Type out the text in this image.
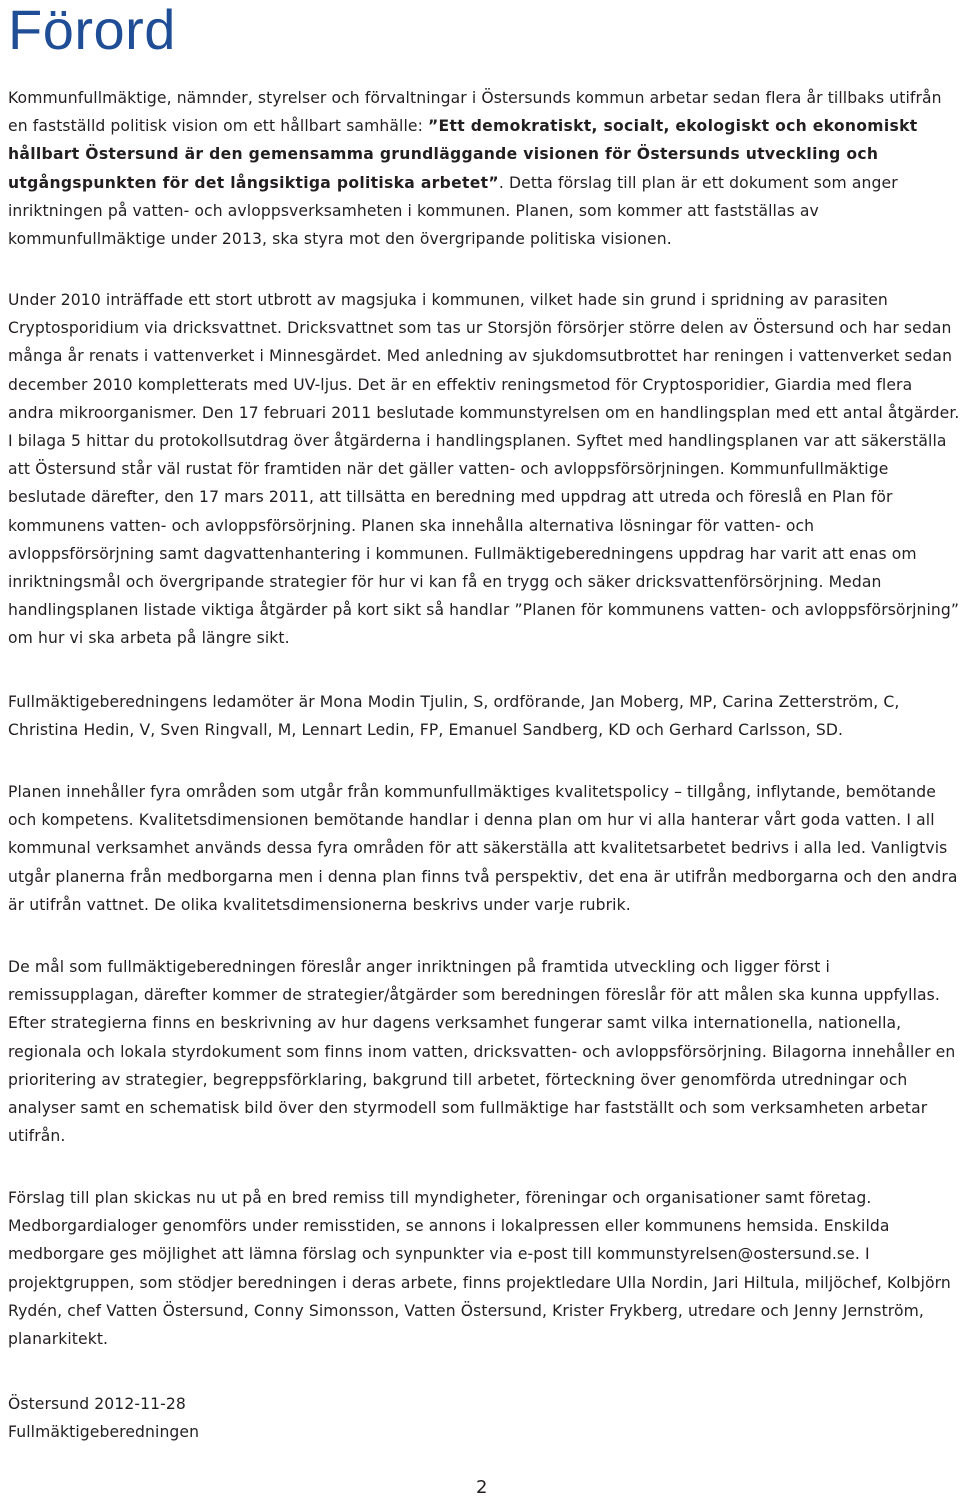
Förord

Kommunfullmäktige, nämnder, styrelser och förvaltningar i Östersunds kommun arbetar sedan flera år tillbaks utifrån en fastställd politisk vision om ett hållbart samhälle: ”Ett demokratiskt, socialt, ekologiskt och ekonomiskt hållbart Östersund är den gemensamma grundläggande visionen för Östersunds utveckling och utgångspunkten för det långsiktiga politiska arbetet”. Detta förslag till plan är ett dokument som anger inriktningen på vatten- och avloppsverksamheten i kommunen. Planen, som kommer att fastställas av kommunfullmäktige under 2013, ska styra mot den övergripande politiska visionen.

Under 2010 inträffade ett stort utbrott av magsjuka i kommunen, vilket hade sin grund i spridning av parasiten Cryptosporidium via dricksvattnet. Dricksvattnet som tas ur Storsjön försörjer större delen av Östersund och har sedan många år renats i vattenverket i Minnesgärdet. Med anledning av sjukdomsutbrottet har reningen i vattenverket sedan december 2010 kompletterats med UV-ljus. Det är en effektiv reningsmetod för Cryptosporidier, Giardia med flera andra mikroorganismer. Den 17 februari 2011 beslutade kommunstyrelsen om en handlingsplan med ett antal åtgärder. I bilaga 5 hittar du protokollsutdrag över åtgärderna i handlingsplanen. Syftet med handlingsplanen var att säkerställa att Östersund står väl rustat för framtiden när det gäller vatten- och avloppsförsörjningen. Kommunfullmäktige beslutade därefter, den 17 mars 2011, att tillsätta en beredning med uppdrag att utreda och föreslå en Plan för kommunens vatten- och avloppsförsörjning. Planen ska innehålla alternativa lösningar för vatten- och avloppsförsörjning samt dagvattenhantering i kommunen. Fullmäktigeberedningens uppdrag har varit att enas om inriktningsmål och övergripande strategier för hur vi kan få en trygg och säker dricksvattenförsörjning. Medan handlingsplanen listade viktiga åtgärder på kort sikt så handlar ”Planen för kommunens vatten- och avloppsförsörjning” om hur vi ska arbeta på längre sikt.

Fullmäktigeberedningens ledamöter är Mona Modin Tjulin, S, ordförande, Jan Moberg, MP, Carina Zetterström, C, Christina Hedin, V, Sven Ringvall, M, Lennart Ledin, FP, Emanuel Sandberg, KD och Gerhard Carlsson, SD.

Planen innehåller fyra områden som utgår från kommunfullmäktiges kvalitetspolicy – tillgång, inflytande, bemötande och kompetens. Kvalitetsdimensionen bemötande handlar i denna plan om hur vi alla hanterar vårt goda vatten. I all kommunal verksamhet används dessa fyra områden för att säkerställa att kvalitetsarbetet bedrivs i alla led. Vanligtvis utgår planerna från medborgarna men i denna plan finns två perspektiv, det ena är utifrån medborgarna och den andra är utifrån vattnet. De olika kvalitetsdimensionerna beskrivs under varje rubrik.

De mål som fullmäktigeberedningen föreslår anger inriktningen på framtida utveckling och ligger först i remissupplagan, därefter kommer de strategier/åtgärder som beredningen föreslår för att målen ska kunna uppfyllas. Efter strategierna finns en beskrivning av hur dagens verksamhet fungerar samt vilka internationella, nationella, regionala och lokala styrdokument som finns inom vatten, dricksvatten- och avloppsförsörjning. Bilagorna innehåller en prioritering av strategier, begreppsförklaring, bakgrund till arbetet, förteckning över genomförda utredningar och analyser samt en schematisk bild över den styrmodell som fullmäktige har fastställt och som verksamheten arbetar utifrån.

Förslag till plan skickas nu ut på en bred remiss till myndigheter, föreningar och organisationer samt företag. Medborgardialoger genomförs under remisstiden, se annons i lokalpressen eller kommunens hemsida. Enskilda medborgare ges möjlighet att lämna förslag och synpunkter via e-post till kommunstyrelsen@ostersund.se. I projektgruppen, som stödjer beredningen i deras arbete, finns projektledare Ulla Nordin, Jari Hiltula, miljöchef, Kolbjörn Rydén, chef Vatten Östersund, Conny Simonsson, Vatten Östersund, Krister Frykberg, utredare och Jenny Jernström, planarkitekt.

Östersund 2012-11-28

Fullmäktigeberedningen

2
